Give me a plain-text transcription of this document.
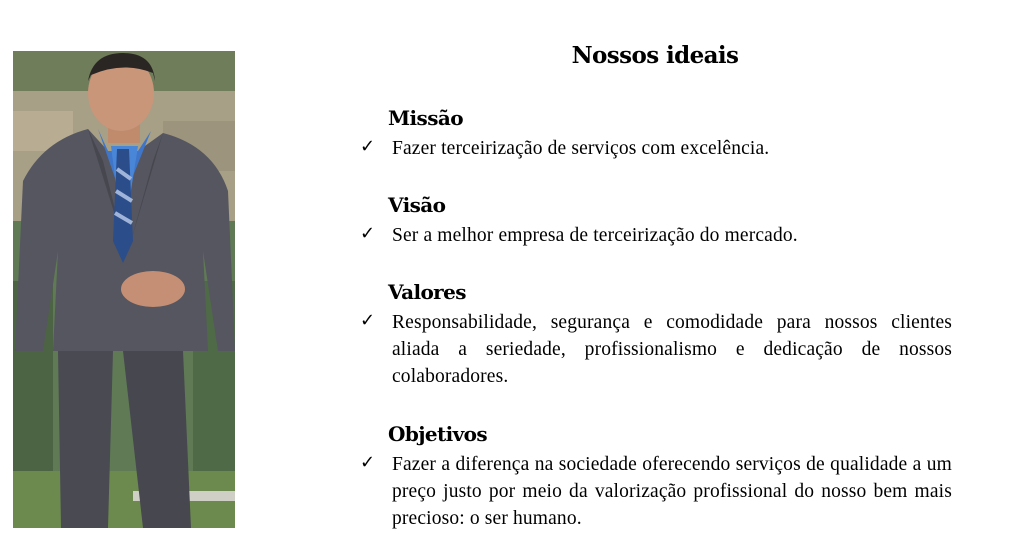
Nossos ideais
Missão
✓ Fazer terceirização de serviços com excelência.
Visão
✓ Ser a melhor empresa de terceirização do mercado.
Valores
✓ Responsabilidade, segurança e comodidade para nossos clientes aliada a seriedade, profissionalismo e dedicação de nossos colaboradores.
Objetivos
✓ Fazer a diferença na sociedade oferecendo serviços de qualidade a um preço justo por meio da valorização profissional do nosso bem mais precioso: o ser humano.
